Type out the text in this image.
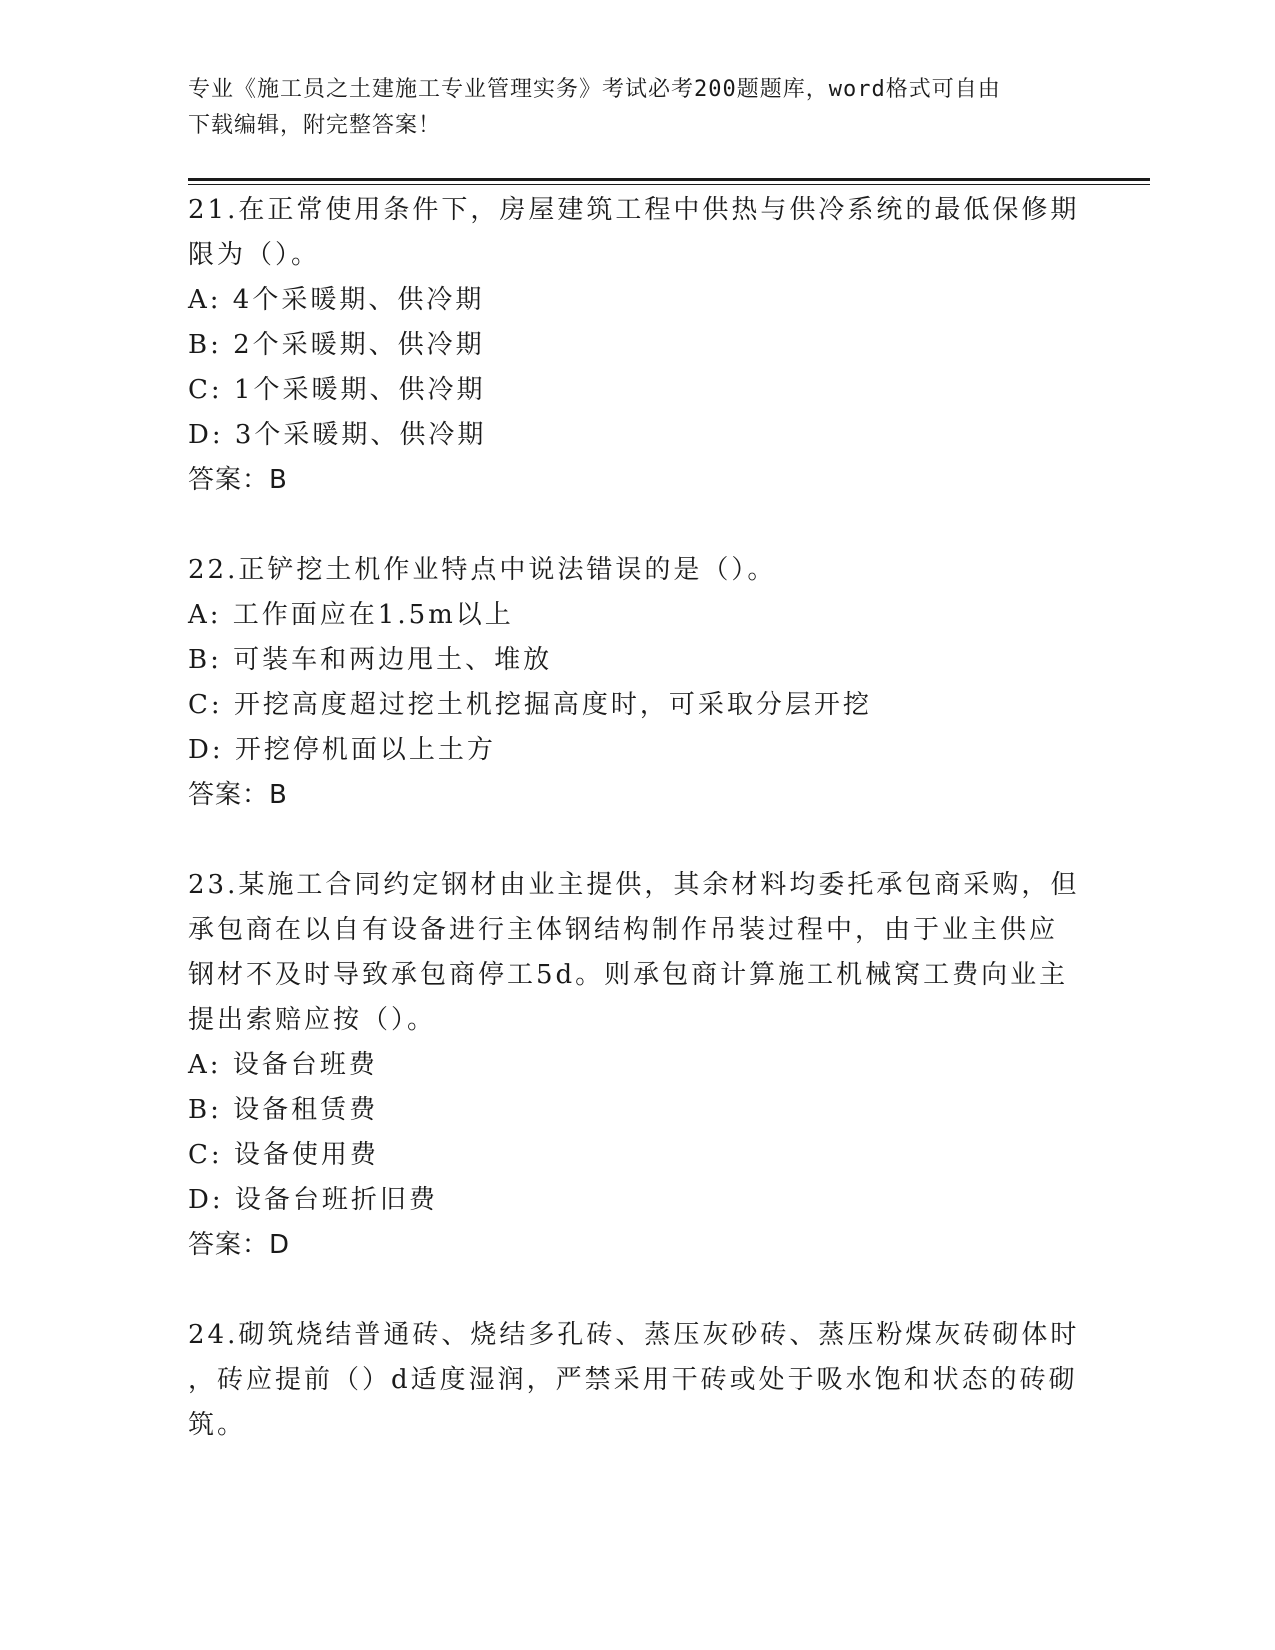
专业《施工员之土建施工专业管理实务》考试必考200题题库，word格式可自由
下载编辑，附完整答案！
21.在正常使用条件下，房屋建筑工程中供热与供冷系统的最低保修期
限为（）。
A: 4个采暖期、供冷期
B: 2个采暖期、供冷期
C: 1个采暖期、供冷期
D: 3个采暖期、供冷期
答案：B
22.正铲挖土机作业特点中说法错误的是（）。
A: 工作面应在1.5m以上
B: 可装车和两边甩土、堆放
C: 开挖高度超过挖土机挖掘高度时，可采取分层开挖
D: 开挖停机面以上土方
答案：B
23.某施工合同约定钢材由业主提供，其余材料均委托承包商采购，但
承包商在以自有设备进行主体钢结构制作吊装过程中，由于业主供应
钢材不及时导致承包商停工5d。则承包商计算施工机械窝工费向业主
提出索赔应按（）。
A: 设备台班费
B: 设备租赁费
C: 设备使用费
D: 设备台班折旧费
答案：D
24.砌筑烧结普通砖、烧结多孔砖、蒸压灰砂砖、蒸压粉煤灰砖砌体时
，砖应提前（）d适度湿润，严禁采用干砖或处于吸水饱和状态的砖砌
筑。
